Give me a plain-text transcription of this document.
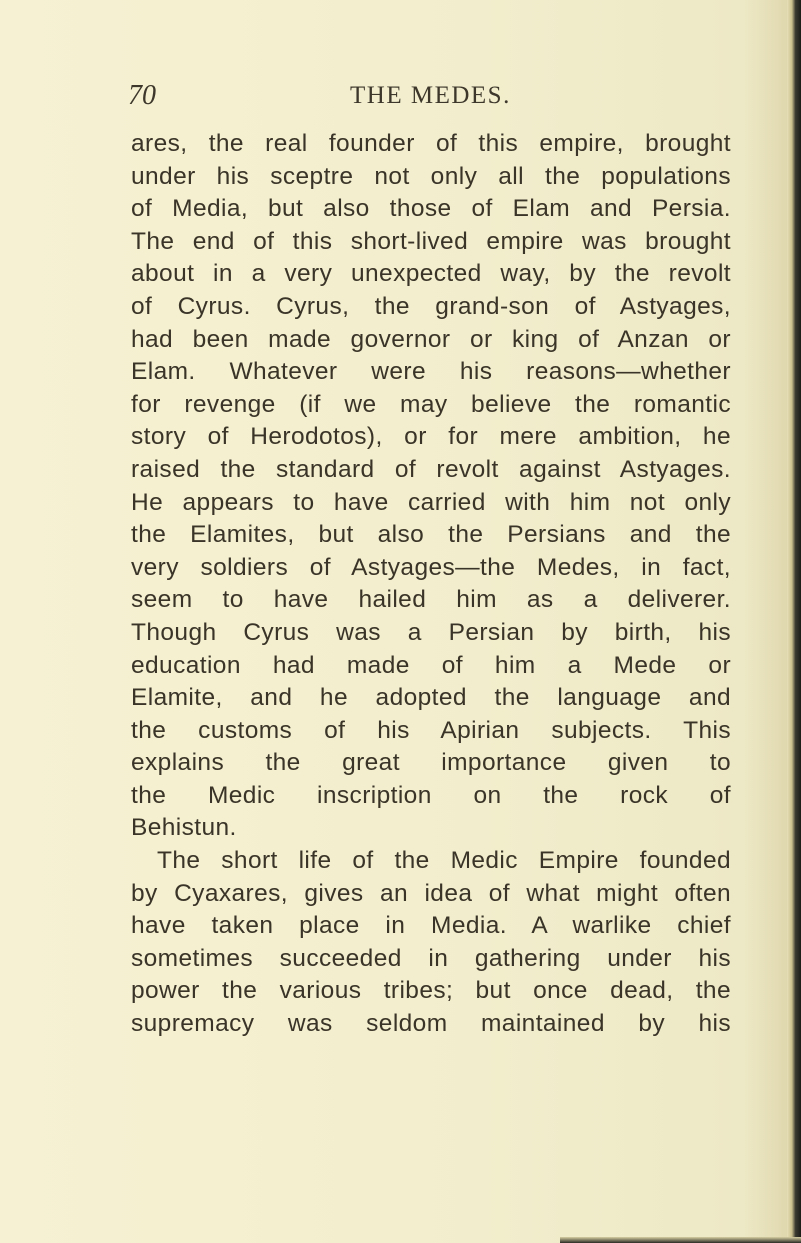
70	THE MEDES.
ares, the real founder of this empire, brought
under his sceptre not only all the populations
of Media, but also those of Elam and Persia.
The end of this short-lived empire was brought
about in a very unexpected way, by the revolt
of Cyrus. Cyrus, the grand-son of Astyages,
had been made governor or king of Anzan or
Elam. Whatever were his reasons—whether
for revenge (if we may believe the romantic
story of Herodotos), or for mere ambition, he
raised the standard of revolt against Astyages.
He appears to have carried with him not only
the Elamites, but also the Persians and the
very soldiers of Astyages—the Medes, in fact,
seem to have hailed him as a deliverer.
Though Cyrus was a Persian by birth, his
education had made of him a Mede or
Elamite, and he adopted the language and
the customs of his Apirian subjects. This
explains the great importance given to
the Medic inscription on the rock of
Behistun.
The short life of the Medic Empire founded
by Cyaxares, gives an idea of what might often
have taken place in Media. A warlike chief
sometimes succeeded in gathering under his
power the various tribes; but once dead, the
supremacy was seldom maintained by his
